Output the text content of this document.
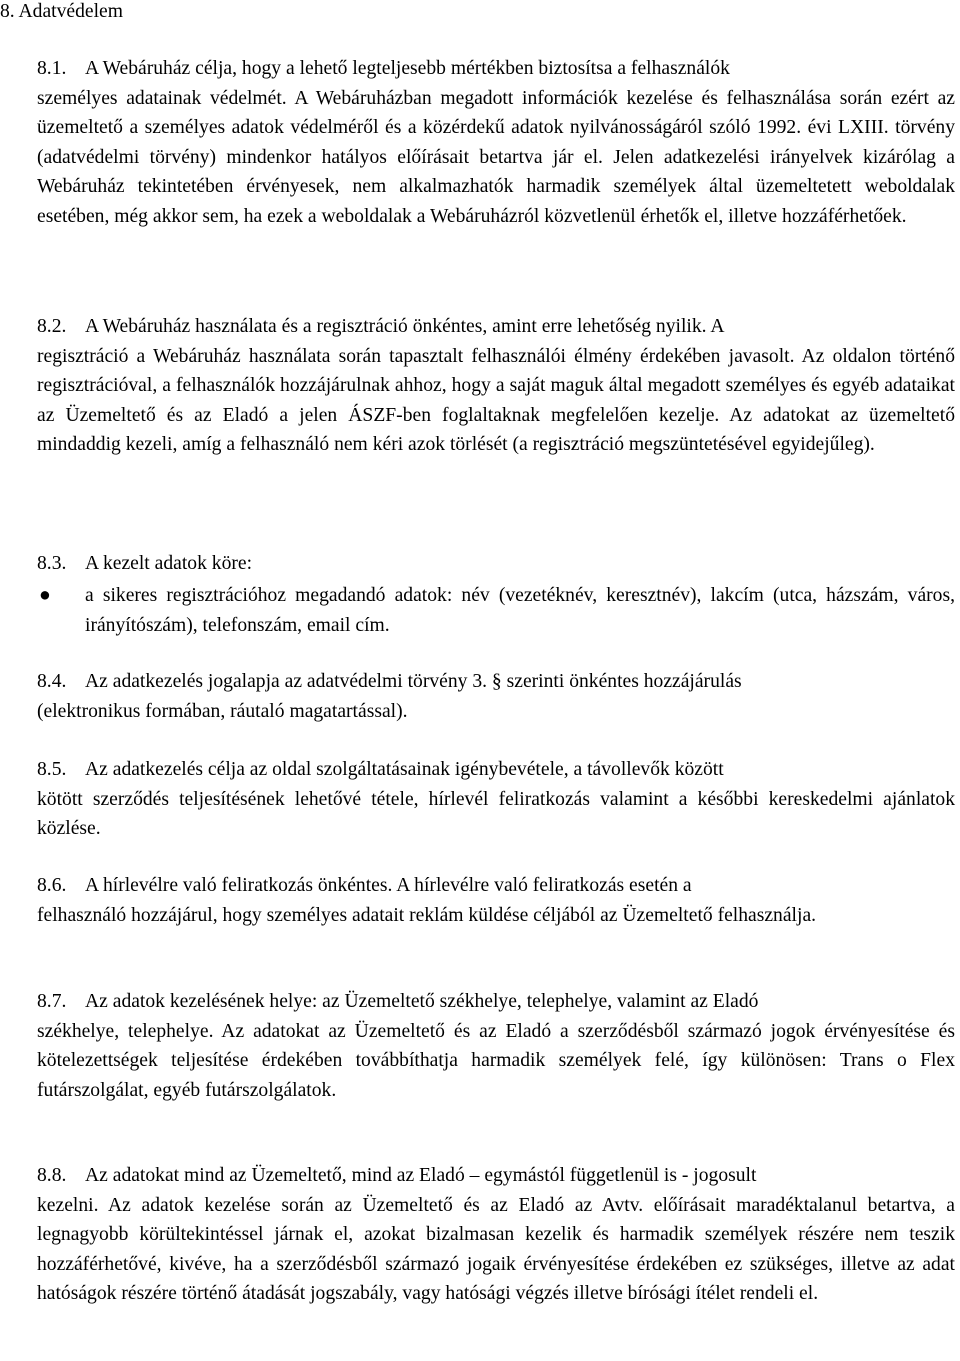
8. Adatvédelem
8.1. A Webáruház célja, hogy a lehető legteljesebb mértékben biztosítsa a felhasználók
személyes adatainak védelmét. A Webáruházban megadott információk kezelése és felhasználása során ezért az üzemeltető a személyes adatok védelméről és a közérdekű adatok nyilvánosságáról szóló 1992. évi LXIII. törvény (adatvédelmi törvény) mindenkor hatályos előírásait betartva jár el. Jelen adatkezelési irányelvek kizárólag a Webáruház tekintetében érvényesek, nem alkalmazhatók harmadik személyek által üzemeltetett weboldalak esetében, még akkor sem, ha ezek a weboldalak a Webáruházról közvetlenül érhetők el, illetve hozzáférhetőek.
8.2. A Webáruház használata és a regisztráció önkéntes, amint erre lehetőség nyilik. A
regisztráció a Webáruház használata során tapasztalt felhasználói élmény érdekében javasolt. Az oldalon történő regisztrációval, a felhasználók hozzájárulnak ahhoz, hogy a saját maguk által megadott személyes és egyéb adataikat az Üzemeltető és az Eladó a jelen ÁSZF-ben foglaltaknak megfelelően kezelje. Az adatokat az üzemeltető mindaddig kezeli, amíg a felhasználó nem kéri azok törlését (a regisztráció megszüntetésével egyidejűleg).
8.3. A kezelt adatok köre:
● a sikeres regisztrációhoz megadandó adatok: név (vezetéknév, keresztnév), lakcím (utca, házszám, város, irányítószám), telefonszám, email cím.
8.4. Az adatkezelés jogalapja az adatvédelmi törvény 3. § szerinti önkéntes hozzájárulás
(elektronikus formában, ráutaló magatartással).
8.5. Az adatkezelés célja az oldal szolgáltatásainak igénybevétele, a távollevők között
kötött szerződés teljesítésének lehetővé tétele, hírlevél feliratkozás valamint a későbbi kereskedelmi ajánlatok közlése.
8.6. A hírlevélre való feliratkozás önkéntes. A hírlevélre való feliratkozás esetén a
felhasználó hozzájárul, hogy személyes adatait reklám küldése céljából az Üzemeltető felhasználja.
8.7. Az adatok kezelésének helye: az Üzemeltető székhelye, telephelye, valamint az Eladó
székhelye, telephelye. Az adatokat az Üzemeltető és az Eladó a szerződésből származó jogok érvényesítése és kötelezettségek teljesítése érdekében továbbíthatja harmadik személyek felé, így különösen: Trans o Flex futárszolgálat, egyéb futárszolgálatok.
8.8. Az adatokat mind az Üzemeltető, mind az Eladó – egymástól függetlenül is - jogosult
kezelni. Az adatok kezelése során az Üzemeltető és az Eladó az Avtv. előírásait maradéktalanul betartva, a legnagyobb körültekintéssel járnak el, azokat bizalmasan kezelik és harmadik személyek részére nem teszik hozzáférhetővé, kivéve, ha a szerződésből származó jogaik érvényesítése érdekében ez szükséges, illetve az adat hatóságok részére történő átadását jogszabály, vagy hatósági végzés illetve bírósági ítélet rendeli el.
